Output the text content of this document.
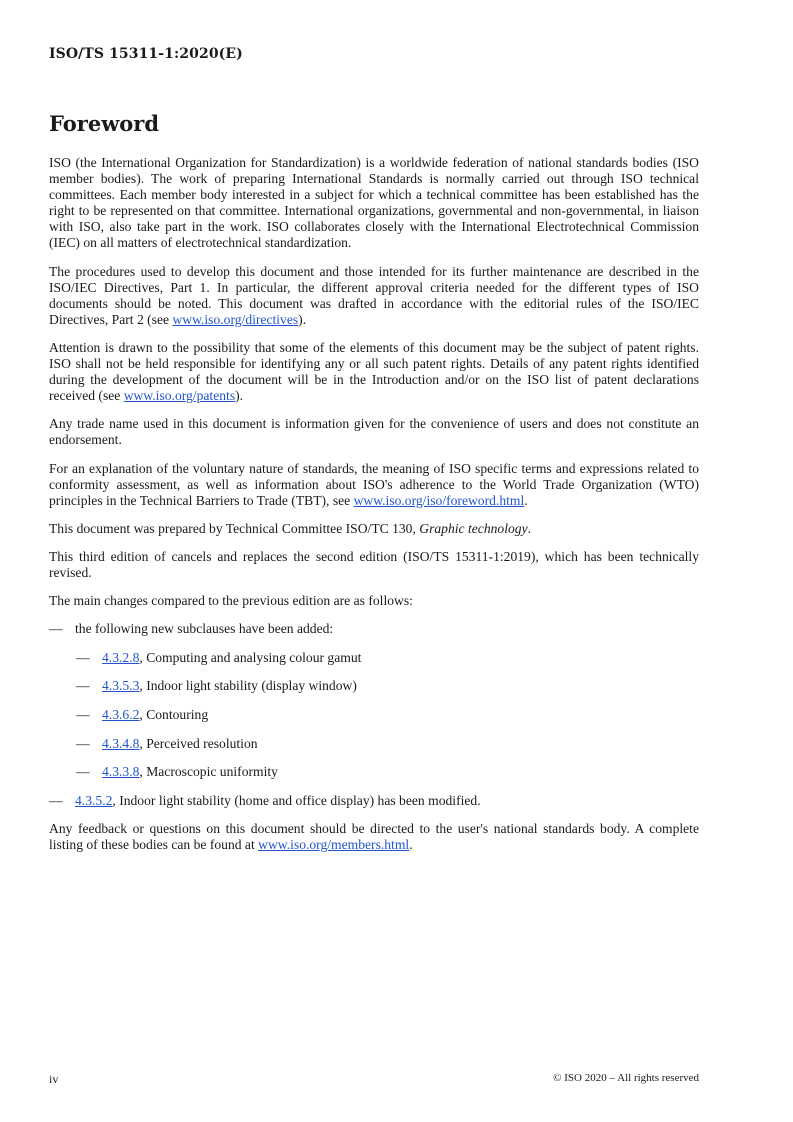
ISO/TS 15311-1:2020(E)
Foreword

ISO (the International Organization for Standardization) is a worldwide federation of national standards bodies (ISO member bodies). The work of preparing International Standards is normally carried out through ISO technical committees. Each member body interested in a subject for which a technical committee has been established has the right to be represented on that committee. International organizations, governmental and non-governmental, in liaison with ISO, also take part in the work. ISO collaborates closely with the International Electrotechnical Commission (IEC) on all matters of electrotechnical standardization.

The procedures used to develop this document and those intended for its further maintenance are described in the ISO/IEC Directives, Part 1. In particular, the different approval criteria needed for the different types of ISO documents should be noted. This document was drafted in accordance with the editorial rules of the ISO/IEC Directives, Part 2 (see www.iso.org/directives).

Attention is drawn to the possibility that some of the elements of this document may be the subject of patent rights. ISO shall not be held responsible for identifying any or all such patent rights. Details of any patent rights identified during the development of the document will be in the Introduction and/or on the ISO list of patent declarations received (see www.iso.org/patents).

Any trade name used in this document is information given for the convenience of users and does not constitute an endorsement.

For an explanation of the voluntary nature of standards, the meaning of ISO specific terms and expressions related to conformity assessment, as well as information about ISO's adherence to the World Trade Organization (WTO) principles in the Technical Barriers to Trade (TBT), see www.iso.org/iso/foreword.html.

This document was prepared by Technical Committee ISO/TC 130, Graphic technology.

This third edition of cancels and replaces the second edition (ISO/TS 15311-1:2019), which has been technically revised.

The main changes compared to the previous edition are as follows:

— the following new subclauses have been added:
— 4.3.2.8, Computing and analysing colour gamut
— 4.3.5.3, Indoor light stability (display window)
— 4.3.6.2, Contouring
— 4.3.4.8, Perceived resolution
— 4.3.3.8, Macroscopic uniformity
— 4.3.5.2, Indoor light stability (home and office display) has been modified.

Any feedback or questions on this document should be directed to the user's national standards body. A complete listing of these bodies can be found at www.iso.org/members.html.

iv	© ISO 2020 – All rights reserved
